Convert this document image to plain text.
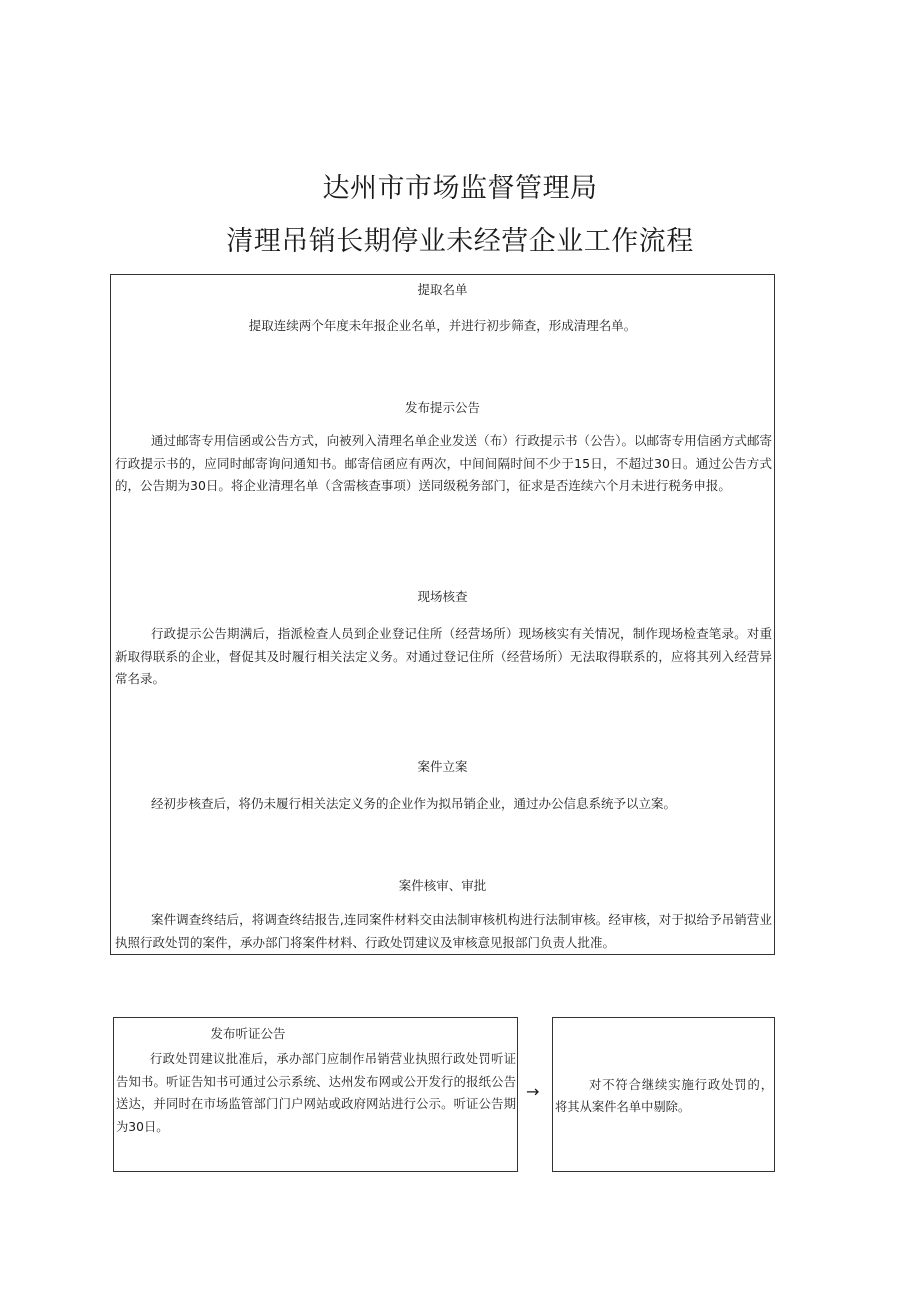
达州市市场监督管理局
清理吊销长期停业未经营企业工作流程
提取名单
提取连续两个年度未年报企业名单，并进行初步筛查，形成清理名单。
发布提示公告
通过邮寄专用信函或公告方式，向被列入清理名单企业发送（布）行政提示书（公告）。以邮寄专用信函方式邮寄行政提示书的，应同时邮寄询问通知书。邮寄信函应有两次，中间间隔时间不少于15日，不超过30日。通过公告方式的，公告期为30日。将企业清理名单（含需核查事项）送同级税务部门，征求是否连续六个月未进行税务申报。
现场核查
行政提示公告期满后，指派检查人员到企业登记住所（经营场所）现场核实有关情况，制作现场检查笔录。对重新取得联系的企业，督促其及时履行相关法定义务。对通过登记住所（经营场所）无法取得联系的，应将其列入经营异常名录。
案件立案
经初步核查后，将仍未履行相关法定义务的企业作为拟吊销企业，通过办公信息系统予以立案。
案件核审、审批
案件调查终结后，将调查终结报告,连同案件材料交由法制审核机构进行法制审核。经审核，对于拟给予吊销营业执照行政处罚的案件，承办部门将案件材料、行政处罚建议及审核意见报部门负责人批准。
发布听证公告
行政处罚建议批准后，承办部门应制作吊销营业执照行政处罚听证告知书。听证告知书可通过公示系统、达州发布网或公开发行的报纸公告送达，并同时在市场监管部门门户网站或政府网站进行公示。听证公告期为30日。
→	对不符合继续实施行政处罚的，将其从案件名单中剔除。
